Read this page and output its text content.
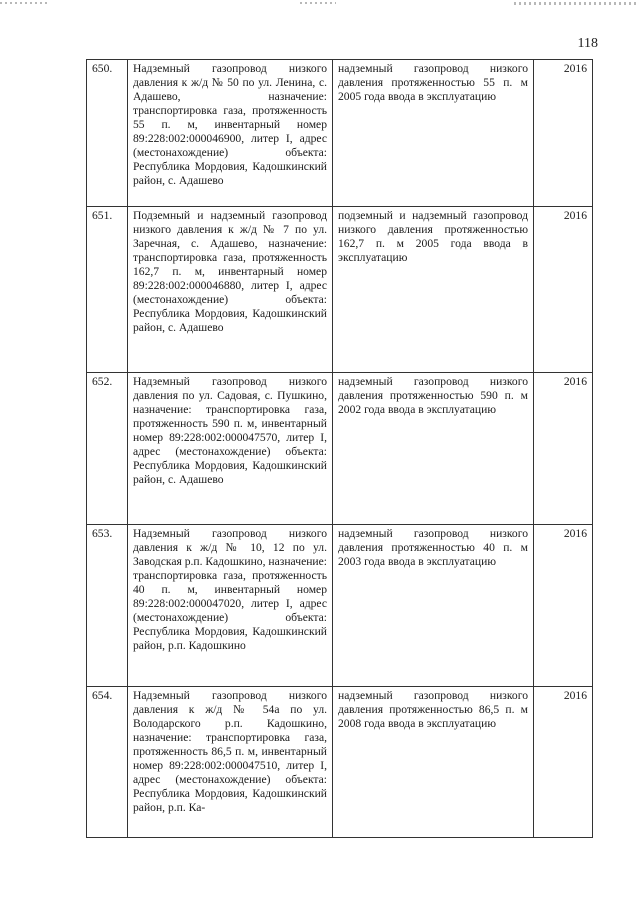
118
650.	Надземный газопровод низкого давления к ж/д № 50 по ул. Ленина, с. Адашево, назначение: транспортировка газа, протяженность 55 п. м, инвентарный номер 89:228:002:000046900, литер I, адрес (местонахождение) объекта: Республика Мордовия, Кадошкинский район, с. Адашево	надземный газопровод низкого давления протяженностью 55 п. м 2005 года ввода в эксплуатацию	2016
651.	Подземный и надземный газопровод низкого давления к ж/д № 7 по ул. Заречная, с. Адашево, назначение: транспортировка газа, протяженность 162,7 п. м, инвентарный номер 89:228:002:000046880, литер I, адрес (местонахождение) объекта: Республика Мордовия, Кадошкинский район, с. Адашево	подземный и надземный газопровод низкого давления протяженностью 162,7 п. м 2005 года ввода в эксплуатацию	2016
652.	Надземный газопровод низкого давления по ул. Садовая, с. Пушкино, назначение: транспортировка газа, протяженность 590 п. м, инвентарный номер 89:228:002:000047570, литер I, адрес (местонахождение) объекта: Республика Мордовия, Кадошкинский район, с. Адашево	надземный газопровод низкого давления протяженностью 590 п. м 2002 года ввода в эксплуатацию	2016
653.	Надземный газопровод низкого давления к ж/д № 10, 12 по ул. Заводская р.п. Кадошкино, назначение: транспортировка газа, протяженность 40 п. м, инвентарный номер 89:228:002:000047020, литер I, адрес (местонахождение) объекта: Республика Мордовия, Кадошкинский район, р.п. Кадошкино	надземный газопровод низкого давления протяженностью 40 п. м 2003 года ввода в эксплуатацию	2016
654.	Надземный газопровод низкого давления к ж/д № 54а по ул. Володарского р.п. Кадошкино, назначение: транспортировка газа, протяженность 86,5 п. м, инвентарный номер 89:228:002:000047510, литер I, адрес (местонахождение) объекта: Республика Мордовия, Кадошкинский район, р.п. Ка-	надземный газопровод низкого давления протяженностью 86,5 п. м 2008 года ввода в эксплуатацию	2016
